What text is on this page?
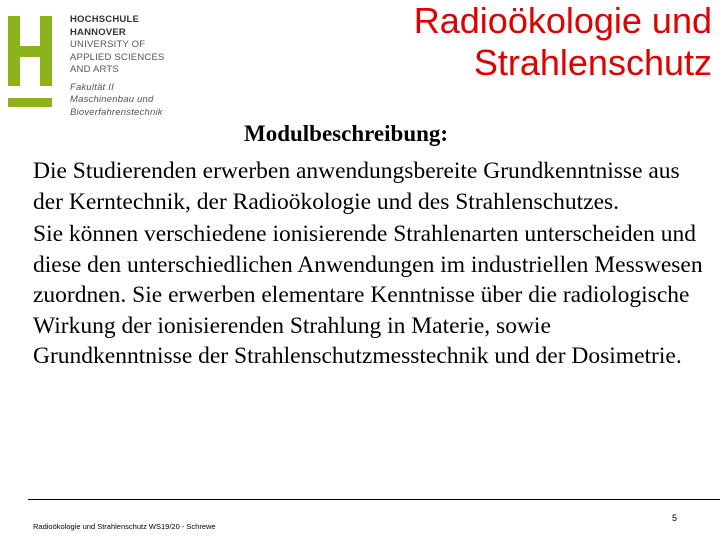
HOCHSCHULE
HANNOVER
UNIVERSITY OF
APPLIED SCIENCES
AND ARTS
Fakultät II
Maschinenbau und
Bioverfahrenstechnik
Radioökologie und
Strahlenschutz
Modulbeschreibung:

Die Studierenden erwerben anwendungsbereite Grundkenntnisse aus der Kerntechnik, der Radioökologie und des Strahlenschutzes.

Sie können verschiedene ionisierende Strahlenarten unterscheiden und diese den unterschiedlichen Anwendungen im industriellen Messwesen zuordnen. Sie erwerben elementare Kenntnisse über die radiologische Wirkung der ionisierenden Strahlung in Materie, sowie Grundkenntnisse der Strahlenschutzmesstechnik und der Dosimetrie.

Radioökologie und Strahlenschutz WS19/20 - Schrewe
5
